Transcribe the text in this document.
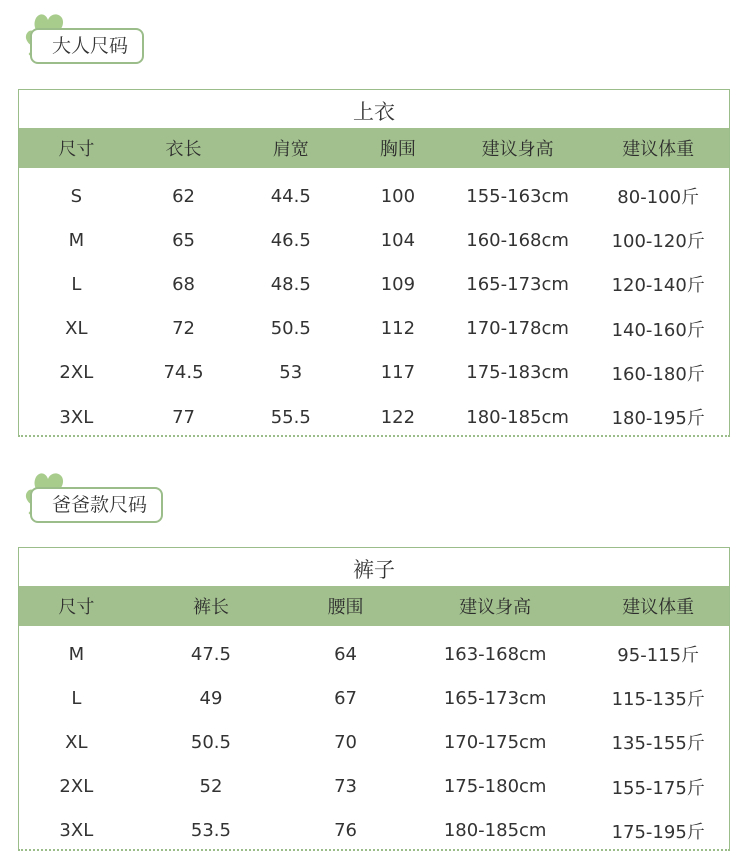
大人尺码
上衣
尺寸	衣长	肩宽	胸围	建议身高	建议体重
S	62	44.5	100	155-163cm	80-100斤
M	65	46.5	104	160-168cm	100-120斤
L	68	48.5	109	165-173cm	120-140斤
XL	72	50.5	112	170-178cm	140-160斤
2XL	74.5	53	117	175-183cm	160-180斤
3XL	77	55.5	122	180-185cm	180-195斤
爸爸款尺码
裤子
尺寸	裤长	腰围	建议身高	建议体重
M	47.5	64	163-168cm	95-115斤
L	49	67	165-173cm	115-135斤
XL	50.5	70	170-175cm	135-155斤
2XL	52	73	175-180cm	155-175斤
3XL	53.5	76	180-185cm	175-195斤
